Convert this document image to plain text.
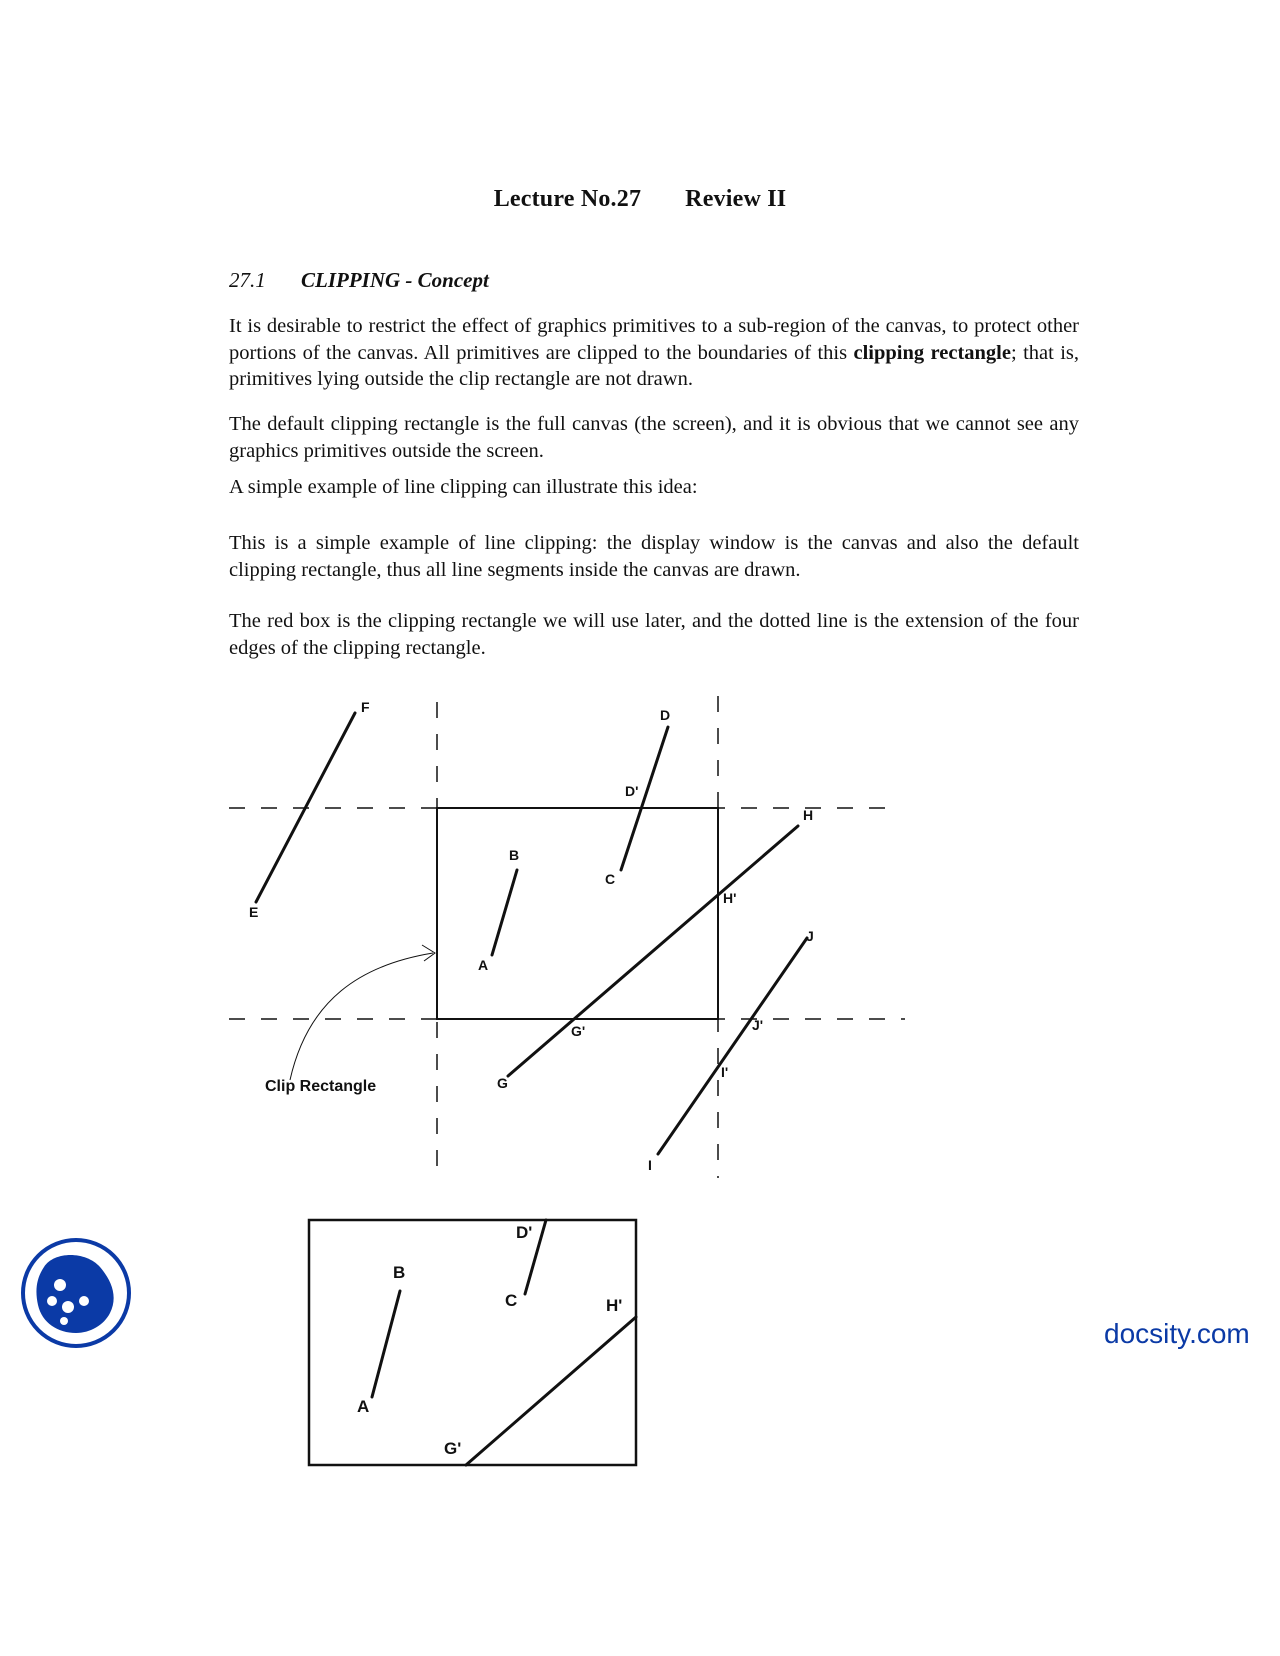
Lecture No.27 Review II
27.1 CLIPPING - Concept

It is desirable to restrict the effect of graphics primitives to a sub-region of the canvas, to protect other portions of the canvas. All primitives are clipped to the boundaries of this clipping rectangle; that is, primitives lying outside the clip rectangle are not drawn.

The default clipping rectangle is the full canvas (the screen), and it is obvious that we cannot see any graphics primitives outside the screen.

A simple example of line clipping can illustrate this idea:

This is a simple example of line clipping: the display window is the canvas and also the default clipping rectangle, thus all line segments inside the canvas are drawn.

The red box is the clipping rectangle we will use later, and the dotted line is the extension of the four edges of the clipping rectangle.

F
E
B
A
D
D'
C
H
H'
J
J'
G'
G
I'
I
Clip Rectangle
B
A
D'
C	H'
G'
docsity.com
